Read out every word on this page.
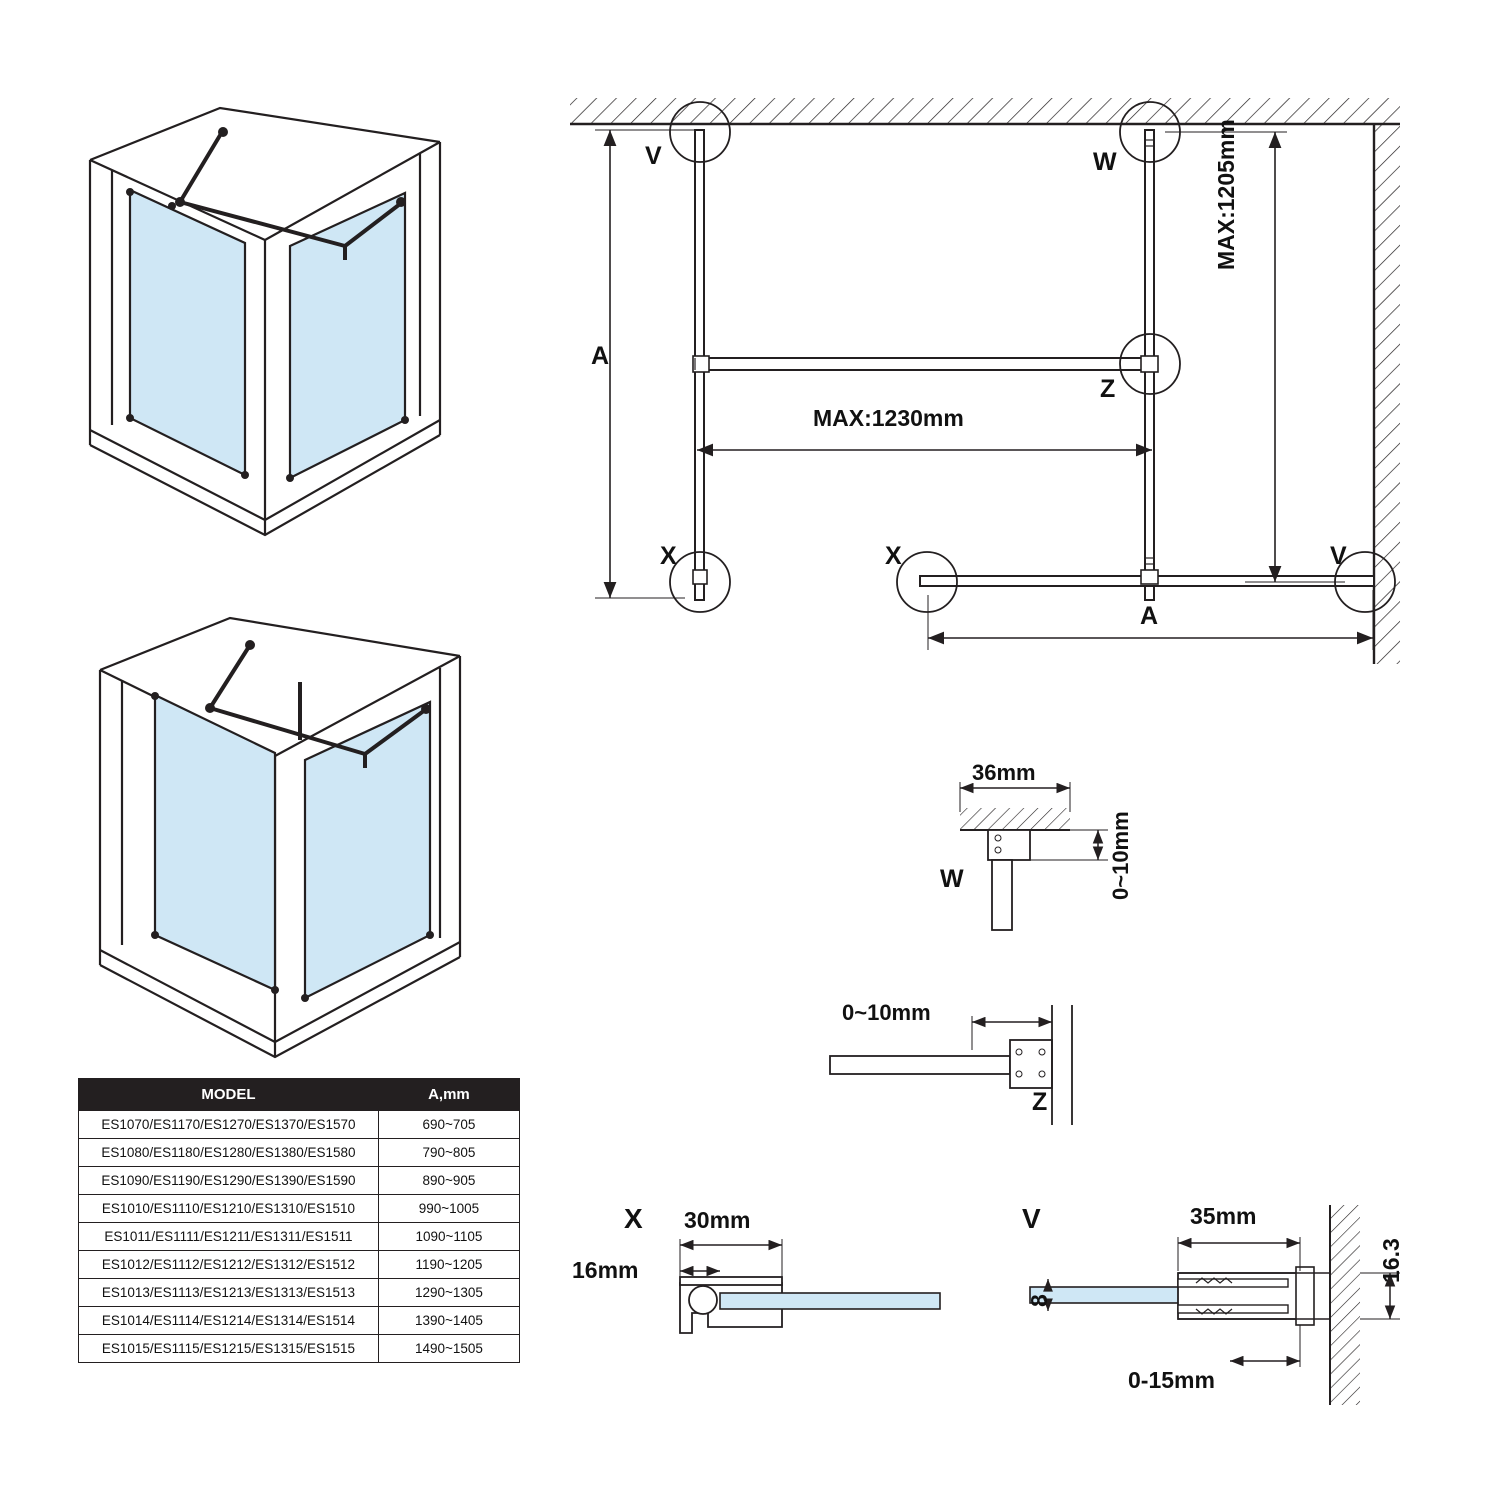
MODEL	A,mm
ES1070/ES1170/ES1270/ES1370/ES1570	690~705
ES1080/ES1180/ES1280/ES1380/ES1580	790~805
ES1090/ES1190/ES1290/ES1390/ES1590	890~905
ES1010/ES1110/ES1210/ES1310/ES1510	990~1005
ES1011/ES1111/ES1211/ES1311/ES1511	1090~1105
ES1012/ES1112/ES1212/ES1312/ES1512	1190~1205
ES1013/ES1113/ES1213/ES1313/ES1513	1290~1305
ES1014/ES1114/ES1214/ES1314/ES1514	1390~1405
ES1015/ES1115/ES1215/ES1315/ES1515	1490~1505
V	W
Z
X	X	V
A
A
MAX:1230mm
MAX:1205mm
W
36mm
0~10mm
Z
0~10mm
X 30mm
16mm
V	35mm
16.3
8
0-15mm
